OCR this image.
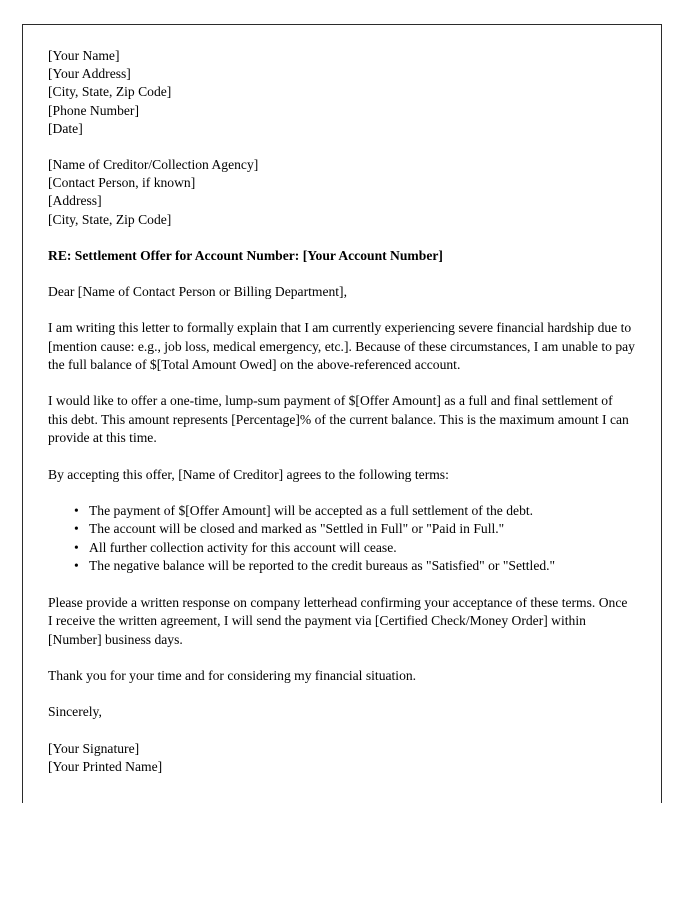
[Your Name]
[Your Address]
[City, State, Zip Code]
[Phone Number]
[Date]
[Name of Creditor/Collection Agency]
[Contact Person, if known]
[Address]
[City, State, Zip Code]
RE: Settlement Offer for Account Number: [Your Account Number]
Dear [Name of Contact Person or Billing Department],

I am writing this letter to formally explain that I am currently experiencing severe financial hardship due to [mention cause: e.g., job loss, medical emergency, etc.]. Because of these circumstances, I am unable to pay the full balance of $[Total Amount Owed] on the above-referenced account.

I would like to offer a one-time, lump-sum payment of $[Offer Amount] as a full and final settlement of this debt. This amount represents [Percentage]% of the current balance. This is the maximum amount I can provide at this time.

By accepting this offer, [Name of Creditor] agrees to the following terms:

• The payment of $[Offer Amount] will be accepted as a full settlement of the debt.
• The account will be closed and marked as "Settled in Full" or "Paid in Full."
• All further collection activity for this account will cease.
• The negative balance will be reported to the credit bureaus as "Satisfied" or "Settled."

Please provide a written response on company letterhead confirming your acceptance of these terms. Once I receive the written agreement, I will send the payment via [Certified Check/Money Order] within [Number] business days.

Thank you for your time and for considering my financial situation.

Sincerely,

[Your Signature]
[Your Printed Name]
